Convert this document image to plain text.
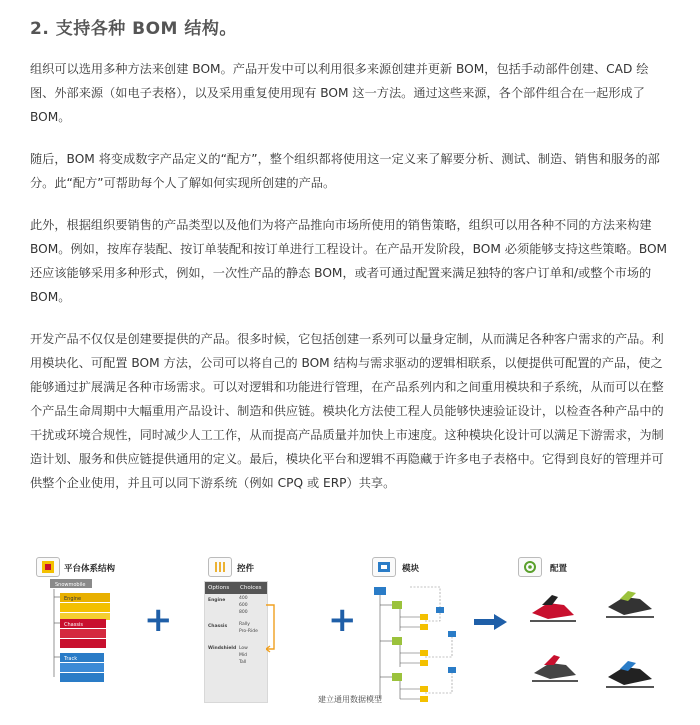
2. 支持各种 BOM 结构。
组织可以选用多种方法来创建 BOM。产品开发中可以利用很多来源创建并更新 BOM，包括手动部件创建、CAD 绘图、外部来源（如电子表格），以及采用重复使用现有 BOM 这一方法。通过这些来源，各个部件组合在一起形成了 BOM。
随后，BOM 将变成数字产品定义的“配方”，整个组织都将使用这一定义来了解要分析、测试、制造、销售和服务的部分。此“配方”可帮助每个人了解如何实现所创建的产品。
此外，根据组织要销售的产品类型以及他们为将产品推向市场所使用的销售策略，组织可以用各种不同的方法来构建 BOM。例如，按库存装配、按订单装配和按订单进行工程设计。在产品开发阶段，BOM 必须能够支持这些策略。BOM 还应该能够采用多种形式，例如，一次性产品的静态 BOM，或者可通过配置来满足独特的客户订单和/或整个市场的 BOM。
开发产品不仅仅是创建要提供的产品。很多时候，它包括创建一系列可以量身定制，从而满足各种客户需求的产品。利用模块化、可配置 BOM 方法，公司可以将自己的 BOM 结构与需求驱动的逻辑相联系，以便提供可配置的产品，使之能够通过扩展满足各种市场需求。可以对逻辑和功能进行管理，在产品系列内和之间重用模块和子系统，从而可以在整个产品生命周期中大幅重用产品设计、制造和供应链。模块化方法使工程人员能够快速验证设计，以检查各种产品中的干扰或环境合规性，同时减少人工工作，从而提高产品质量并加快上市速度。这种模块化设计可以满足下游需求，为制造计划、服务和供应链提供通用的定义。最后，模块化平台和逻辑不再隐藏于许多电子表格中。它得到良好的管理并可供整个企业使用，并且可以同下游系统（例如 CPQ 或 ERP）共享。
平台体系结构
Snowmobile
Engine
Chassis
Track
+
控件
Options	Choices
Engine	400
600
800
Chassis	Rally
Pro-Ride
Windshield Low
Mid
Tall
+
模块	配置
建立通用数据模型
